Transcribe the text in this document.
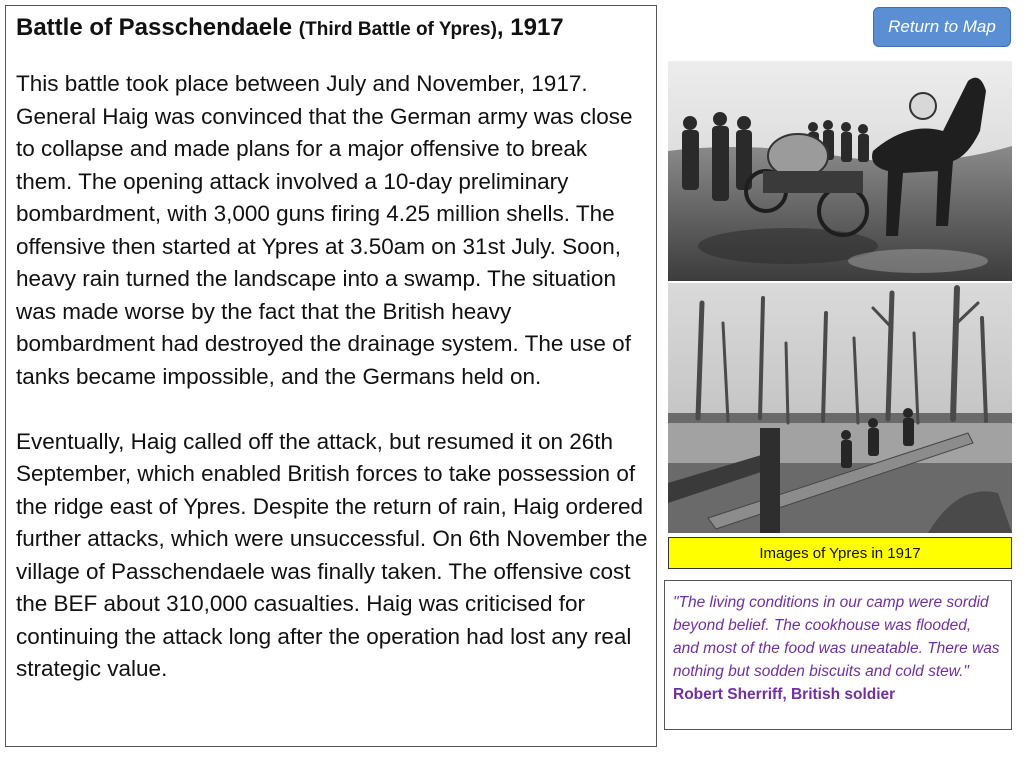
Battle of Passchendaele (Third Battle of Ypres), 1917

This battle took place between July and November, 1917. General Haig was convinced that the German army was close to collapse and made plans for a major offensive to break them. The opening attack involved a 10-day preliminary bombardment, with 3,000 guns firing 4.25 million shells. The offensive then started at Ypres at 3.50am on 31st July. Soon, heavy rain turned the landscape into a swamp. The situation was made worse by the fact that the British heavy bombardment had destroyed the drainage system. The use of tanks became impossible, and the Germans held on.

Eventually, Haig called off the attack, but resumed it on 26th September, which enabled British forces to take possession of the ridge east of Ypres. Despite the return of rain, Haig ordered further attacks, which were unsuccessful. On 6th November the village of Passchendaele was finally taken. The offensive cost the BEF about 310,000 casualties. Haig was criticised for continuing the attack long after the operation had lost any real strategic value.

Return to Map
Images of Ypres in 1917

"The living conditions in our camp were sordid beyond belief. The cookhouse was flooded, and most of the food was uneatable. There was nothing but sodden biscuits and cold stew."

Robert Sherriff, British soldier
